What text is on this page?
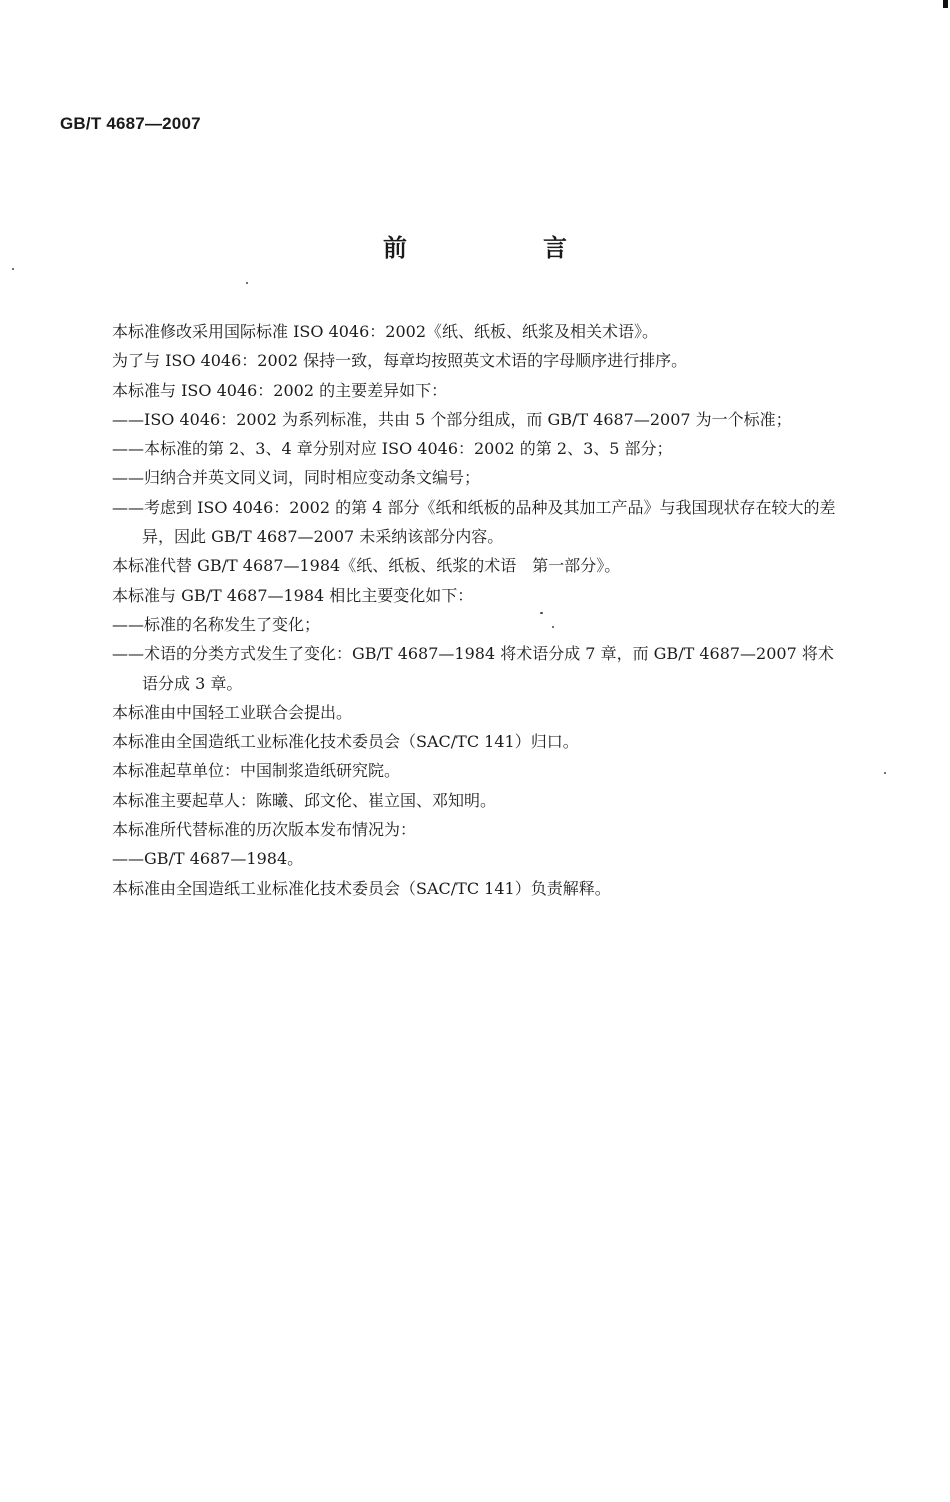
GB/T 4687—2007
前　言

本标准修改采用国际标准 ISO 4046：2002《纸、纸板、纸浆及相关术语》。

为了与 ISO 4046：2002 保持一致，每章均按照英文术语的字母顺序进行排序。

本标准与 ISO 4046：2002 的主要差异如下：

——ISO 4046：2002 为系列标准，共由 5 个部分组成，而 GB/T 4687—2007 为一个标准；

——本标准的第 2、3、4 章分别对应 ISO 4046：2002 的第 2、3、5 部分；

——归纳合并英文同义词，同时相应变动条文编号；

——考虑到 ISO 4046：2002 的第 4 部分《纸和纸板的品种及其加工产品》与我国现状存在较大的差
异，因此 GB/T 4687—2007 未采纳该部分内容。

本标准代替 GB/T 4687—1984《纸、纸板、纸浆的术语　第一部分》。

本标准与 GB/T 4687—1984 相比主要变化如下：

——标准的名称发生了变化；

——术语的分类方式发生了变化：GB/T 4687—1984 将术语分成 7 章，而 GB/T 4687—2007 将术
语分成 3 章。

本标准由中国轻工业联合会提出。

本标准由全国造纸工业标准化技术委员会（SAC/TC 141）归口。

本标准起草单位：中国制浆造纸研究院。

本标准主要起草人：陈曦、邱文伦、崔立国、邓知明。

本标准所代替标准的历次版本发布情况为：

——GB/T 4687—1984。

本标准由全国造纸工业标准化技术委员会（SAC/TC 141）负责解释。
